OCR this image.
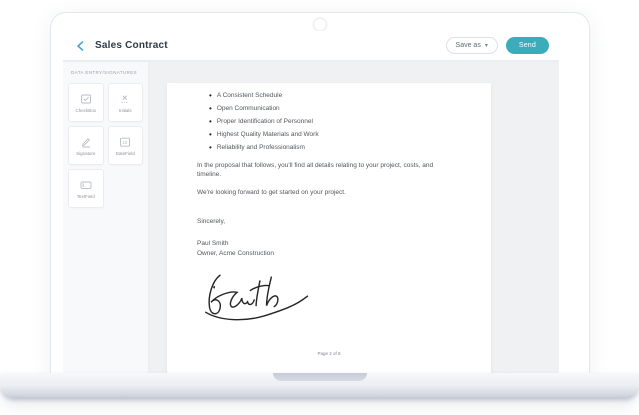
Sales Contract	Save as ▾	Send
DATA ENTRY/SIGNATURES
CheckBox	Initials
Signature
10
DateField
TextField
• A Consistent Schedule
• Open Communication
• Proper Identification of Personnel
• Highest Quality Materials and Work
• Reliability and Professionalism

In the proposal that follows, you'll find all details relating to your project, costs, and timeline.

We're looking forward to get started on your project.

Sincerely,
Paul Smith
Owner, Acme Construction
Page 2 of 8
